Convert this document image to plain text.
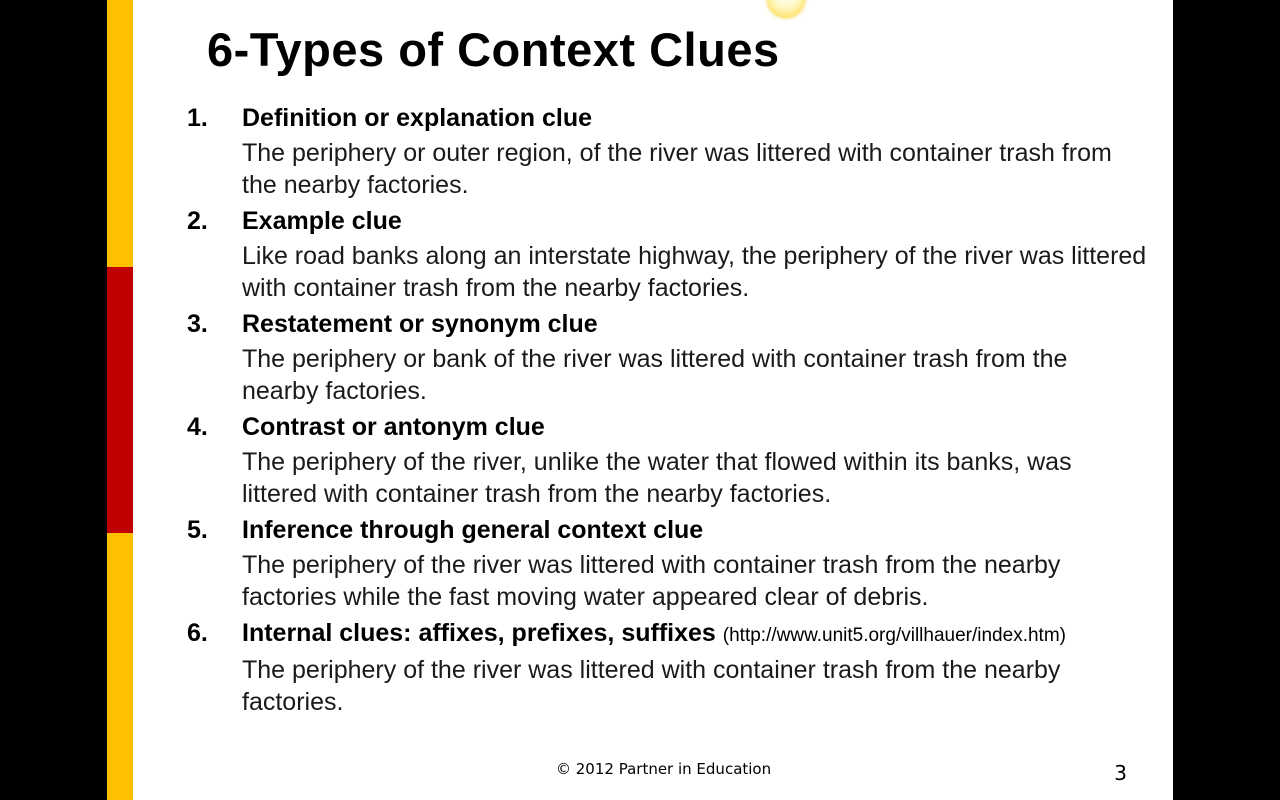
6-Types of Context Clues
1. Definition or explanation clue
The periphery or outer region, of the river was littered with container trash from the nearby factories.
2. Example clue
Like road banks along an interstate highway, the periphery of the river was littered with container trash from the nearby factories.
3. Restatement or synonym clue
The periphery or bank of the river was littered with container trash from the nearby factories.
4. Contrast or antonym clue
The periphery of the river, unlike the water that flowed within its banks, was littered with container trash from the nearby factories.
5. Inference through general context clue
The periphery of the river was littered with container trash from the nearby factories while the fast moving water appeared clear of debris.
6. Internal clues: affixes, prefixes, suffixes (http://www.unit5.org/villhauer/index.htm)
The periphery of the river was littered with container trash from the nearby factories.
© 2012 Partner in Education	3
